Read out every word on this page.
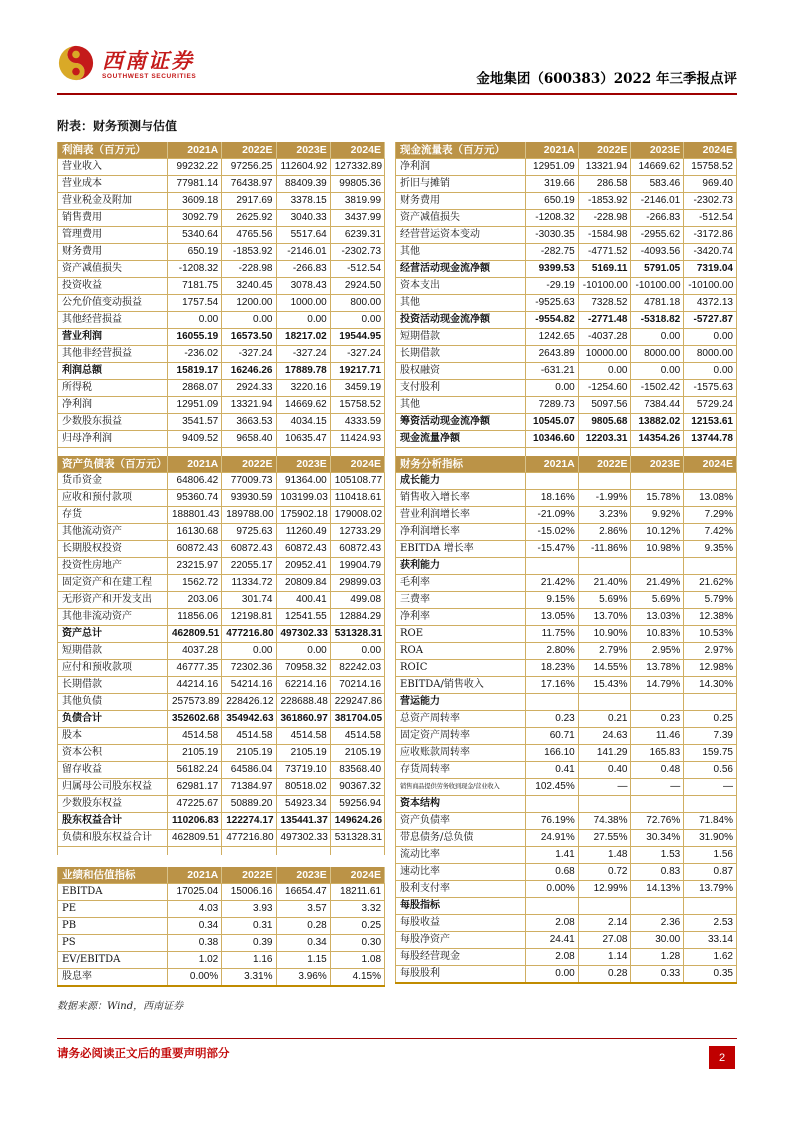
西南证券
SOUTHWEST SECURITIES	金地集团（600383）2022 年三季报点评
附表：财务预测与估值
利润表（百万元）	2021A	2022E	2023E	2024E
营业收入	99232.22	97256.25	112604.92	127332.89
营业成本	77981.14	76438.97	88409.39	99805.36
营业税金及附加	3609.18	2917.69	3378.15	3819.99
销售费用	3092.79	2625.92	3040.33	3437.99
管理费用	5340.64	4765.56	5517.64	6239.31
财务费用	650.19	-1853.92	-2146.01	-2302.73
资产减值损失	-1208.32	-228.98	-266.83	-512.54
投资收益	7181.75	3240.45	3078.43	2924.50
公允价值变动损益	1757.54	1200.00	1000.00	800.00
其他经营损益	0.00	0.00	0.00	0.00
营业利润	16055.19	16573.50	18217.02	19544.95
其他非经营损益	-236.02	-327.24	-327.24	-327.24
利润总额	15819.17	16246.26	17889.78	19217.71
所得税	2868.07	2924.33	3220.16	3459.19
净利润	12951.09	13321.94	14669.62	15758.52
少数股东损益	3541.57	3663.53	4034.15	4333.59
归母净利润	9409.52	9658.40	10635.47	11424.93

资产负债表（百万元）	2021A	2022E	2023E	2024E
货币资金	64806.42	77009.73	91364.00	105108.77
应收和预付款项	95360.74	93930.59	103199.03	110418.61
存货	188801.43	189788.00	175902.18	179008.02
其他流动资产	16130.68	9725.63	11260.49	12733.29
长期股权投资	60872.43	60872.43	60872.43	60872.43
投资性房地产	23215.97	22055.17	20952.41	19904.79
固定资产和在建工程	1562.72	11334.72	20809.84	29899.03
无形资产和开发支出	203.06	301.74	400.41	499.08
其他非流动资产	11856.06	12198.81	12541.55	12884.29
资产总计	462809.51	477216.80	497302.33	531328.31
短期借款	4037.28	0.00	0.00	0.00
应付和预收款项	46777.35	72302.36	70958.32	82242.03
长期借款	44214.16	54214.16	62214.16	70214.16
其他负债	257573.89	228426.12	228688.48	229247.86
负债合计	352602.68	354942.63	361860.97	381704.05
股本	4514.58	4514.58	4514.58	4514.58
资本公积	2105.19	2105.19	2105.19	2105.19
留存收益	56182.24	64586.04	73719.10	83568.40
归属母公司股东权益	62981.17	71384.97	80518.02	90367.32
少数股东权益	47225.67	50889.20	54923.34	59256.94
股东权益合计	110206.83	122274.17	135441.37	149624.26
负债和股东权益合计	462809.51	477216.80	497302.33	531328.31

业绩和估值指标	2021A	2022E	2023E	2024E
EBITDA	17025.04	15006.16	16654.47	18211.61
PE	4.03	3.93	3.57	3.32
PB	0.34	0.31	0.28	0.25
PS	0.38	0.39	0.34	0.30
EV/EBITDA	1.02	1.16	1.15	1.08
股息率	0.00%	3.31%	3.96%	4.15%
数据来源：Wind，西南证券
现金流量表（百万元）	2021A	2022E	2023E	2024E
净利润	12951.09	13321.94	14669.62	15758.52
折旧与摊销	319.66	286.58	583.46	969.40
财务费用	650.19	-1853.92	-2146.01	-2302.73
资产减值损失	-1208.32	-228.98	-266.83	-512.54
经营营运资本变动	-3030.35	-1584.98	-2955.62	-3172.86
其他	-282.75	-4771.52	-4093.56	-3420.74
经营活动现金流净额	9399.53	5169.11	5791.05	7319.04
资本支出	-29.19	-10100.00	-10100.00	-10100.00
其他	-9525.63	7328.52	4781.18	4372.13
投资活动现金流净额	-9554.82	-2771.48	-5318.82	-5727.87
短期借款	1242.65	-4037.28	0.00	0.00
长期借款	2643.89	10000.00	8000.00	8000.00
股权融资	-631.21	0.00	0.00	0.00
支付股利	0.00	-1254.60	-1502.42	-1575.63
其他	7289.73	5097.56	7384.44	5729.24
筹资活动现金流净额	10545.07	9805.68	13882.02	12153.61
现金流量净额	10346.60	12203.31	14354.26	13744.78

财务分析指标	2021A	2022E	2023E	2024E
成长能力				
销售收入增长率	18.16%	-1.99%	15.78%	13.08%
营业利润增长率	-21.09%	3.23%	9.92%	7.29%
净利润增长率	-15.02%	2.86%	10.12%	7.42%
EBITDA 增长率	-15.47%	-11.86%	10.98%	9.35%
获利能力				
毛利率	21.42%	21.40%	21.49%	21.62%
三费率	9.15%	5.69%	5.69%	5.79%
净利率	13.05%	13.70%	13.03%	12.38%
ROE	11.75%	10.90%	10.83%	10.53%
ROA	2.80%	2.79%	2.95%	2.97%
ROIC	18.23%	14.55%	13.78%	12.98%
EBITDA/销售收入	17.16%	15.43%	14.79%	14.30%
营运能力				
总资产周转率	0.23	0.21	0.23	0.25
固定资产周转率	60.71	24.63	11.46	7.39
应收账款周转率	166.10	141.29	165.83	159.75
存货周转率	0.41	0.40	0.48	0.56
销售商品提供劳务收到现金/营业收入	102.45%	—	—	—
资本结构				
资产负债率	76.19%	74.38%	72.76%	71.84%
带息债务/总负债	24.91%	27.55%	30.34%	31.90%
流动比率	1.41	1.48	1.53	1.56
速动比率	0.68	0.72	0.83	0.87
股利支付率	0.00%	12.99%	14.13%	13.79%
每股指标				
每股收益	2.08	2.14	2.36	2.53
每股净资产	24.41	27.08	30.00	33.14
每股经营现金	2.08	1.14	1.28	1.62
每股股利	0.00	0.28	0.33	0.35
请务必阅读正文后的重要声明部分	2
